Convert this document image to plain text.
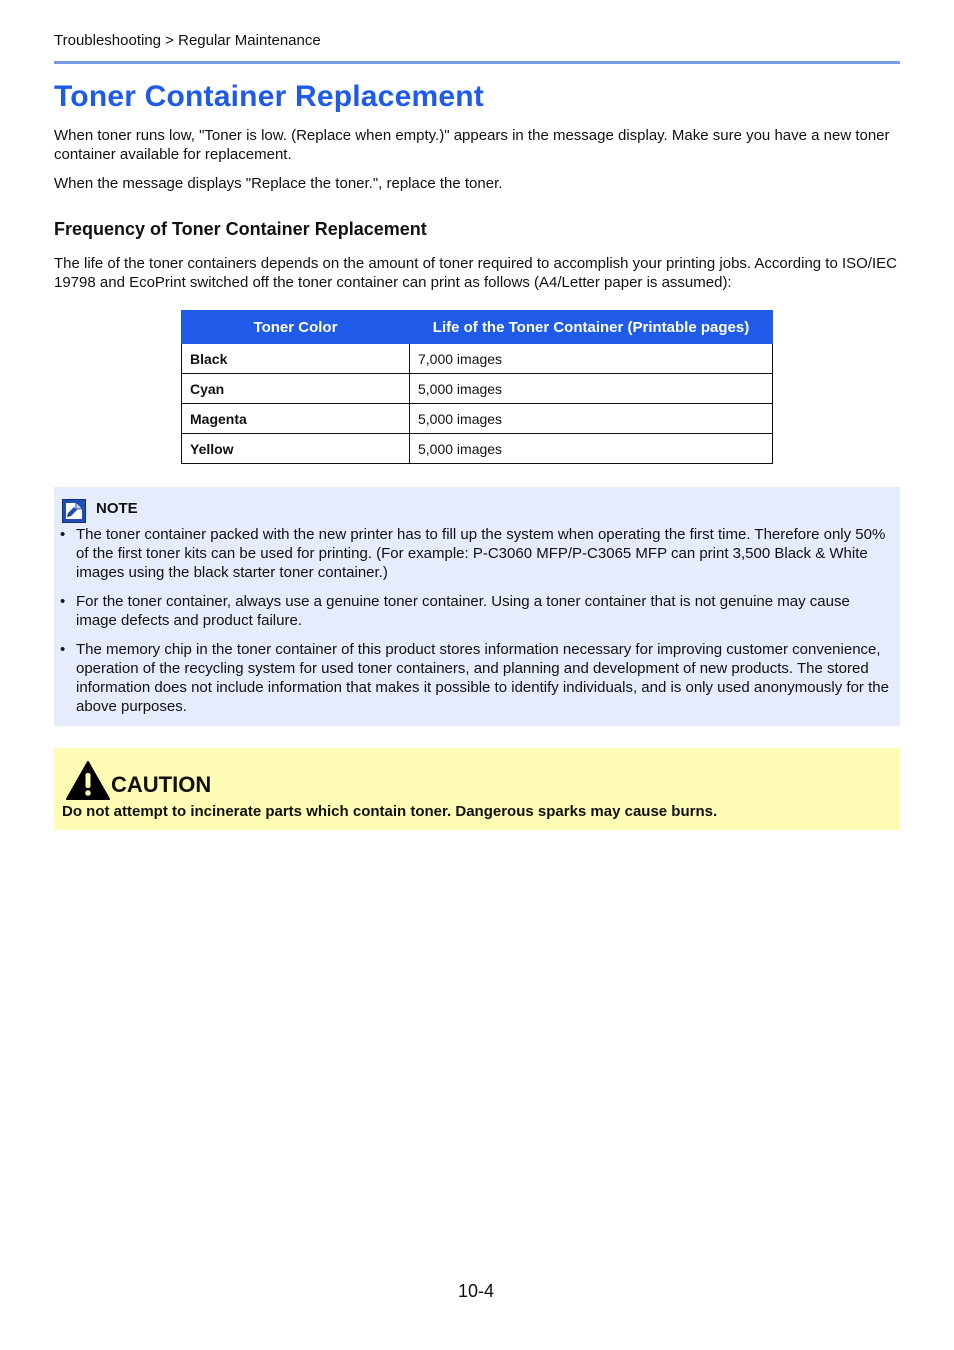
Troubleshooting > Regular Maintenance
Toner Container Replacement

When toner runs low, "Toner is low. (Replace when empty.)" appears in the message display. Make sure you have a new toner container available for replacement.

When the message displays "Replace the toner.", replace the toner.

Frequency of Toner Container Replacement

The life of the toner containers depends on the amount of toner required to accomplish your printing jobs. According to ISO/IEC 19798 and EcoPrint switched off the toner container can print as follows (A4/Letter paper is assumed):

Toner Color	Life of the Toner Container (Printable pages)
Black	7,000 images
Cyan	5,000 images
Magenta	5,000 images
Yellow	5,000 images
NOTE
• The toner container packed with the new printer has to fill up the system when operating the first time. Therefore only 50% of the first toner kits can be used for printing. (For example: P-C3060 MFP/P-C3065 MFP can print 3,500 Black & White images using the black starter toner container.)
• For the toner container, always use a genuine toner container. Using a toner container that is not genuine may cause image defects and product failure.
• The memory chip in the toner container of this product stores information necessary for improving customer convenience, operation of the recycling system for used toner containers, and planning and development of new products. The stored information does not include information that makes it possible to identify individuals, and is only used anonymously for the above purposes.
CAUTION
Do not attempt to incinerate parts which contain toner. Dangerous sparks may cause burns.
10-4
